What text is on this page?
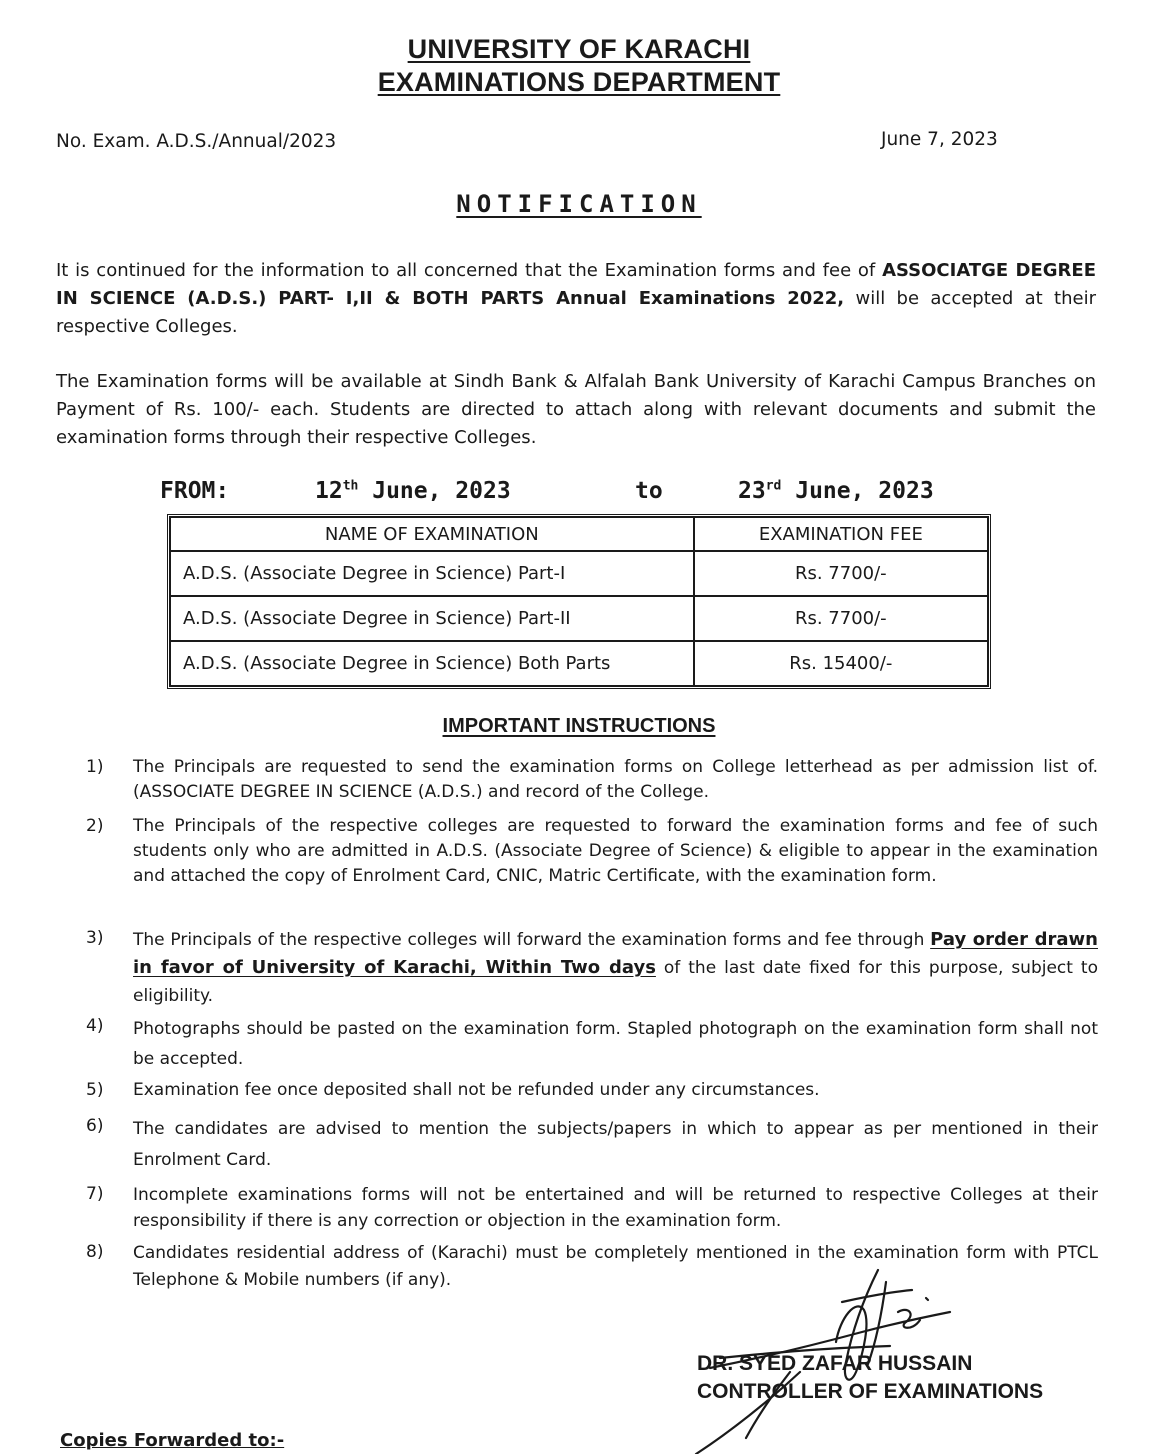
UNIVERSITY OF KARACHI
EXAMINATIONS DEPARTMENT
No. Exam. A.D.S./Annual/2023	June 7, 2023
NOTIFICATION
It is continued for the information to all concerned that the Examination forms and fee of ASSOCIATGE DEGREE IN SCIENCE (A.D.S.) PART- I,II & BOTH PARTS Annual Examinations 2022, will be accepted at their respective Colleges.
The Examination forms will be available at Sindh Bank & Alfalah Bank University of Karachi Campus Branches on Payment of Rs. 100/- each. Students are directed to attach along with relevant documents and submit the examination forms through their respective Colleges.
FROM:	12th June, 2023	to	23rd June, 2023
NAME OF EXAMINATION	EXAMINATION FEE
A.D.S. (Associate Degree in Science) Part-I	Rs. 7700/-
A.D.S. (Associate Degree in Science) Part-II	Rs. 7700/-
A.D.S. (Associate Degree in Science) Both Parts	Rs. 15400/-
IMPORTANT INSTRUCTIONS
1) The Principals are requested to send the examination forms on College letterhead as per admission list of. (ASSOCIATE DEGREE IN SCIENCE (A.D.S.) and record of the College.
2) The Principals of the respective colleges are requested to forward the examination forms and fee of such students only who are admitted in A.D.S. (Associate Degree of Science) & eligible to appear in the examination and attached the copy of Enrolment Card, CNIC, Matric Certificate, with the examination form.
3) The Principals of the respective colleges will forward the examination forms and fee through Pay order drawn in favor of University of Karachi, Within Two days of the last date fixed for this purpose, subject to eligibility.
4) Photographs should be pasted on the examination form. Stapled photograph on the examination form shall not be accepted.
5) Examination fee once deposited shall not be refunded under any circumstances.
6) The candidates are advised to mention the subjects/papers in which to appear as per mentioned in their Enrolment Card.
7) Incomplete examinations forms will not be entertained and will be returned to respective Colleges at their responsibility if there is any correction or objection in the examination form.
8) Candidates residential address of (Karachi) must be completely mentioned in the examination form with PTCL Telephone & Mobile numbers (if any).
DR. SYED ZAFAR HUSSAIN
CONTROLLER OF EXAMINATIONS
Copies Forwarded to:-
